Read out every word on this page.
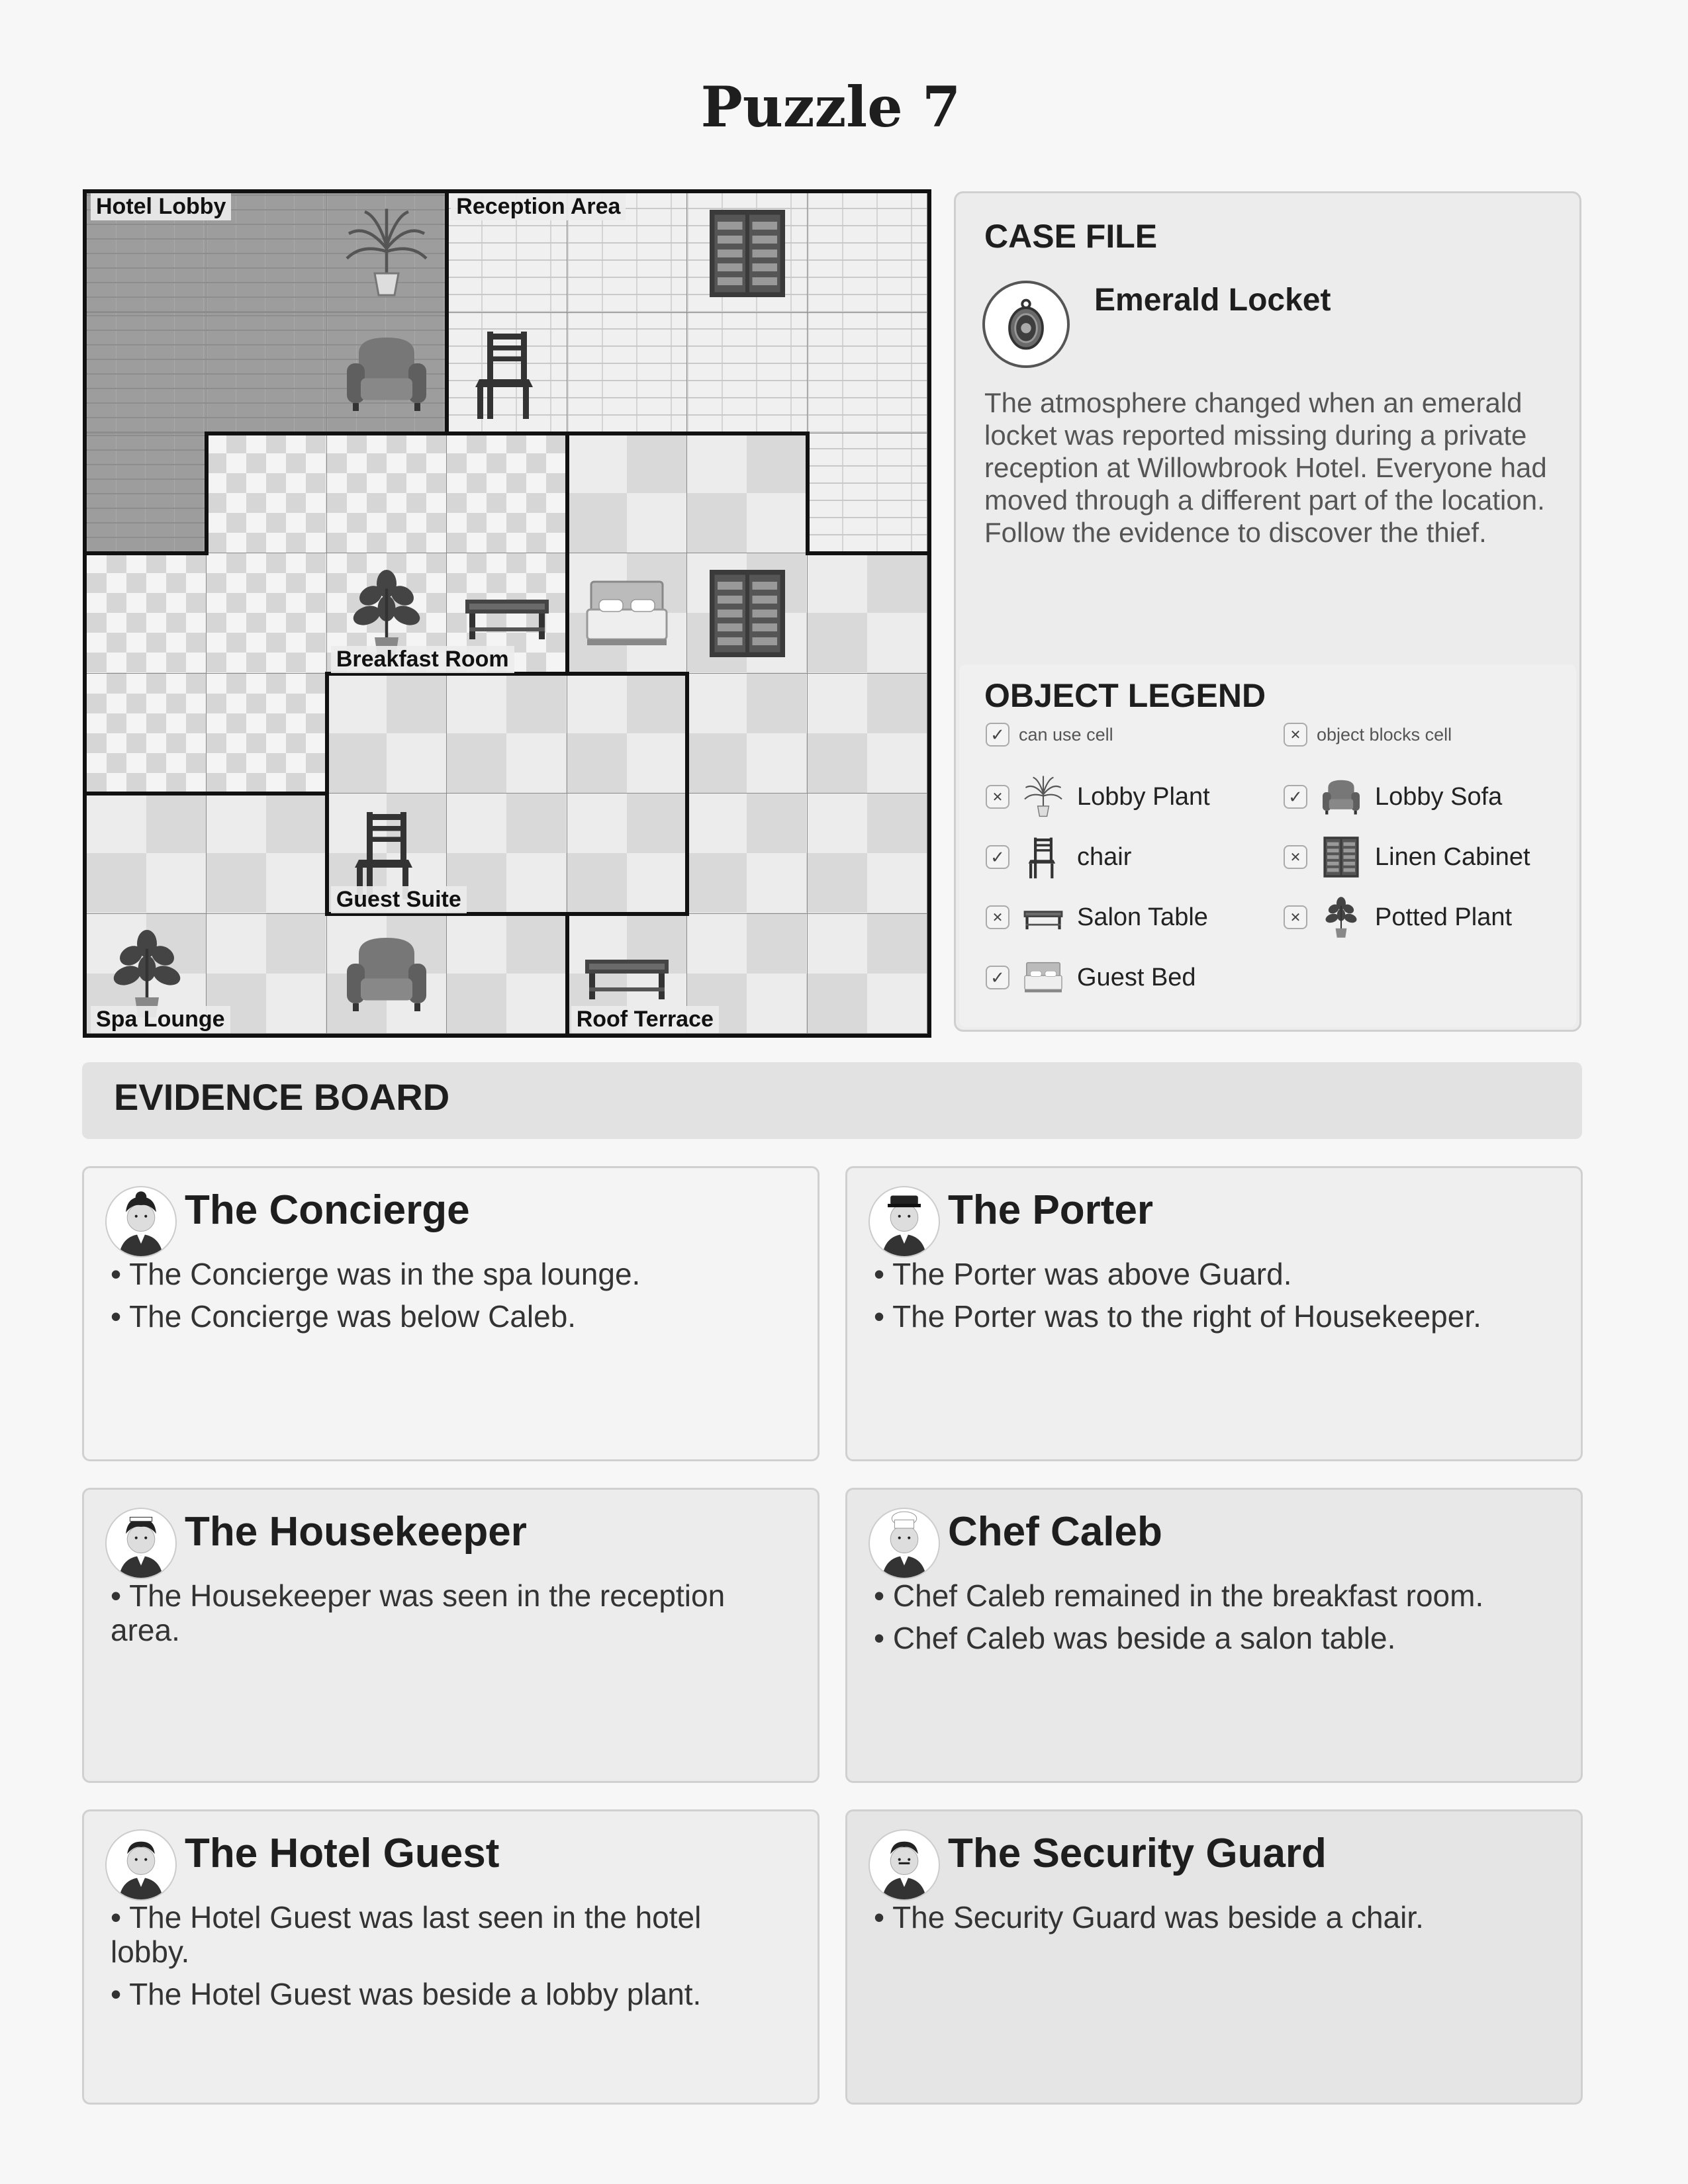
Puzzle 7
Hotel Lobby	Reception Area
Breakfast Room
Guest Suite
Spa Lounge	Roof Terrace
CASE FILE
Emerald Locket
The atmosphere changed when an emerald locket was reported missing during a private reception at Willowbrook Hotel. Everyone had moved through a different part of the location. Follow the evidence to discover the thief.
OBJECT LEGEND
✓ can use cell	✕ object blocks cell
✕	Lobby Plant	✓	Lobby Sofa
✓	chair	✕	Linen Cabinet
✕	Salon Table	✕	Potted Plant
✓	Guest Bed
EVIDENCE BOARD
The Concierge
• The Concierge was in the spa lounge.
• The Concierge was below Caleb.
The Porter
• The Porter was above Guard.
• The Porter was to the right of Housekeeper.
The Housekeeper
• The Housekeeper was seen in the reception area.
Chef Caleb
• Chef Caleb remained in the breakfast room.
• Chef Caleb was beside a salon table.
The Hotel Guest
• The Hotel Guest was last seen in the hotel lobby.
• The Hotel Guest was beside a lobby plant.
The Security Guard
• The Security Guard was beside a chair.
